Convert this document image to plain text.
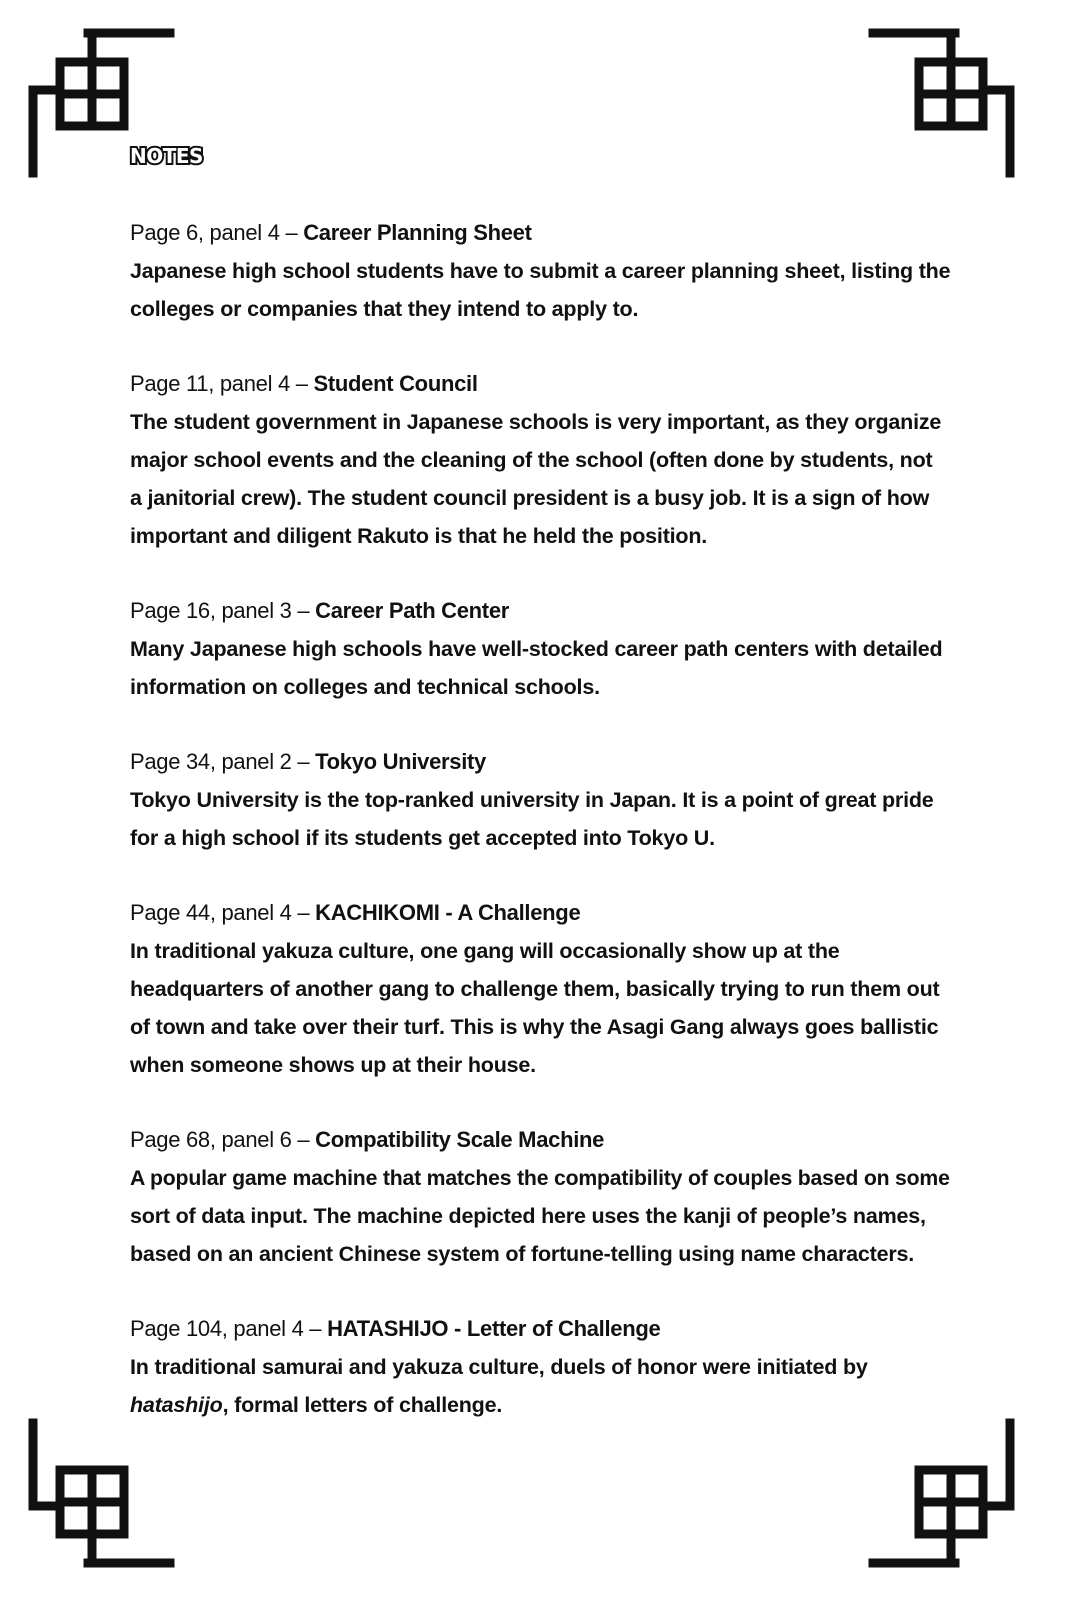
NOTES
Page 6, panel 4 – Career Planning Sheet

Japanese high school students have to submit a career planning sheet, listing the
colleges or companies that they intend to apply to.

Page 11, panel 4 – Student Council

The student government in Japanese schools is very important, as they organize
major school events and the cleaning of the school (often done by students, not
a janitorial crew). The student council president is a busy job. It is a sign of how
important and diligent Rakuto is that he held the position.

Page 16, panel 3 – Career Path Center

Many Japanese high schools have well-stocked career path centers with detailed
information on colleges and technical schools.

Page 34, panel 2 – Tokyo University

Tokyo University is the top-ranked university in Japan. It is a point of great pride
for a high school if its students get accepted into Tokyo U.

Page 44, panel 4 – KACHIKOMI - A Challenge

In traditional yakuza culture, one gang will occasionally show up at the
headquarters of another gang to challenge them, basically trying to run them out
of town and take over their turf. This is why the Asagi Gang always goes ballistic
when someone shows up at their house.

Page 68, panel 6 – Compatibility Scale Machine

A popular game machine that matches the compatibility of couples based on some
sort of data input. The machine depicted here uses the kanji of people’s names,
based on an ancient Chinese system of fortune-telling using name characters.

Page 104, panel 4 – HATASHIJO - Letter of Challenge

In traditional samurai and yakuza culture, duels of honor were initiated by
hatashijo, formal letters of challenge.
